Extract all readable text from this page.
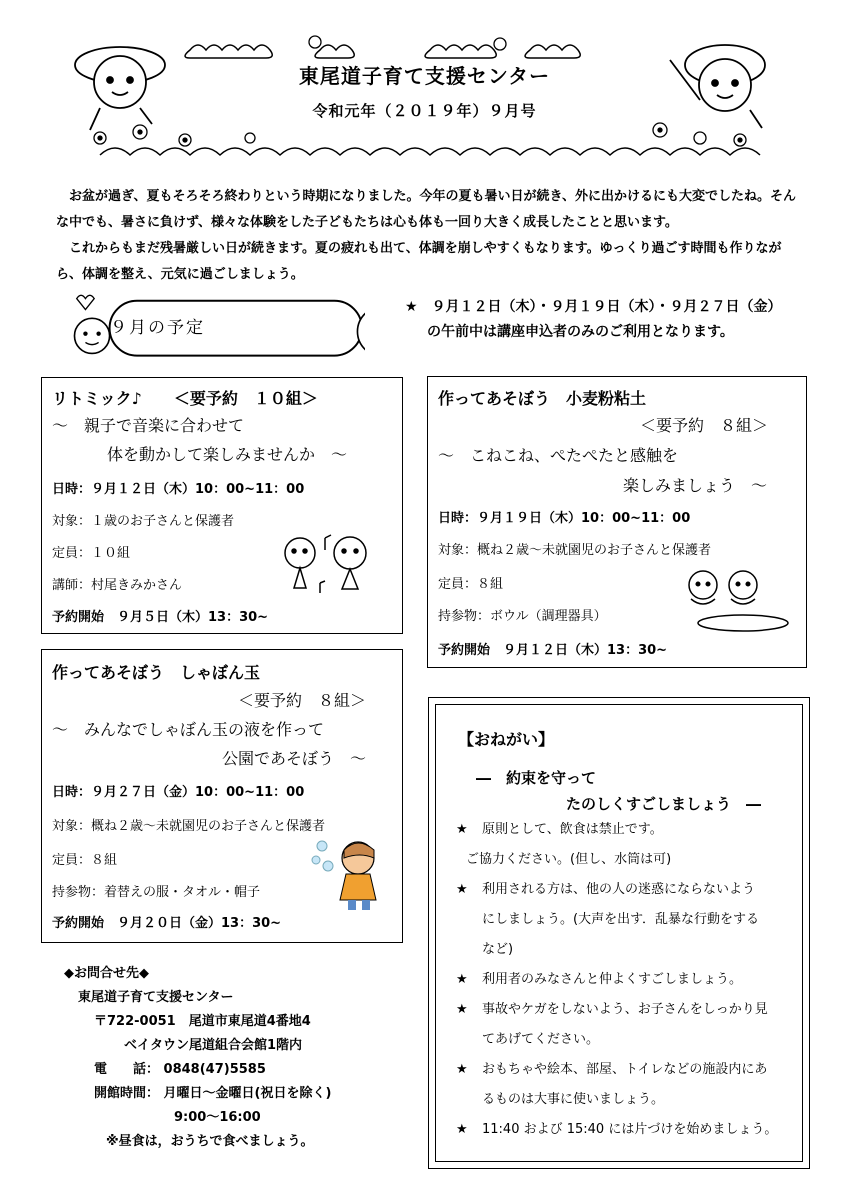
東尾道子育て支援センター
令和元年（２０１９年）９月号

お盆が過ぎ、夏もそろそろ終わりという時期になりました。今年の夏も暑い日が続き、外に出かけるにも大変でしたね。そんな中でも、暑さに負けず、様々な体験をした子どもたちは心も体も一回り大きく成長したことと思います。

これからもまだ残暑厳しい日が続きます。夏の疲れも出て、体調を崩しやすくもなります。ゆっくり過ごす時間も作りながら、体調を整え、元気に過ごしましょう。

９月の予定
★　９月１２日（木）・９月１９日（木）・９月２７日（金）
の午前中は講座申込者のみのご利用となります。
リトミック♪　　＜要予約　１０組＞
～　親子で音楽に合わせて
体を動かして楽しみませんか　～
日時：９月１２日（木）10：00~11：00
対象：１歳のお子さんと保護者
定員：１０組
講師：村尾きみかさん
予約開始　９月５日（木）13：30~
作ってあそぼう　小麦粉粘土
＜要予約　８組＞
～　こねこね、ぺたぺたと感触を
楽しみましょう　～
日時：９月１９日（木）10：00~11：00
対象：概ね２歳～未就園児のお子さんと保護者
定員：８組
持参物：ボウル（調理器具）
予約開始　９月１２日（木）13：30~
作ってあそぼう　しゃぼん玉
＜要予約　８組＞
～　みんなでしゃぼん玉の液を作って
公園であそぼう　～
日時：９月２７日（金）10：00~11：00
対象：概ね２歳～未就園児のお子さんと保護者
定員：８組
持参物：着替えの服・タオル・帽子
予約開始　９月２０日（金）13：30~
◆お問合せ先◆
東尾道子育て支援センター
〒722-0051　尾道市東尾道4番地4
ベイタウン尾道組合会館1階内
電　　話： 0848(47)5585
開館時間： 月曜日～金曜日(祝日を除く)
9:00～16:00
※昼食は，おうちで食べましょう。
【おねがい】
―　約束を守って
たのしくすごしましょう　―
★	原則として、飲食は禁止です。
ご協力ください。(但し、水筒は可)
★	利用される方は、他の人の迷惑にならないよう
にしましょう。(大声を出す．乱暴な行動をする
など)
★	利用者のみなさんと仲よくすごしましょう。
★	事故やケガをしないよう、お子さんをしっかり見
てあげてください。
★	おもちゃや絵本、部屋、トイレなどの施設内にあ
るものは大事に使いましょう。
★	11:40 および 15:40 には片づけを始めましょう。
